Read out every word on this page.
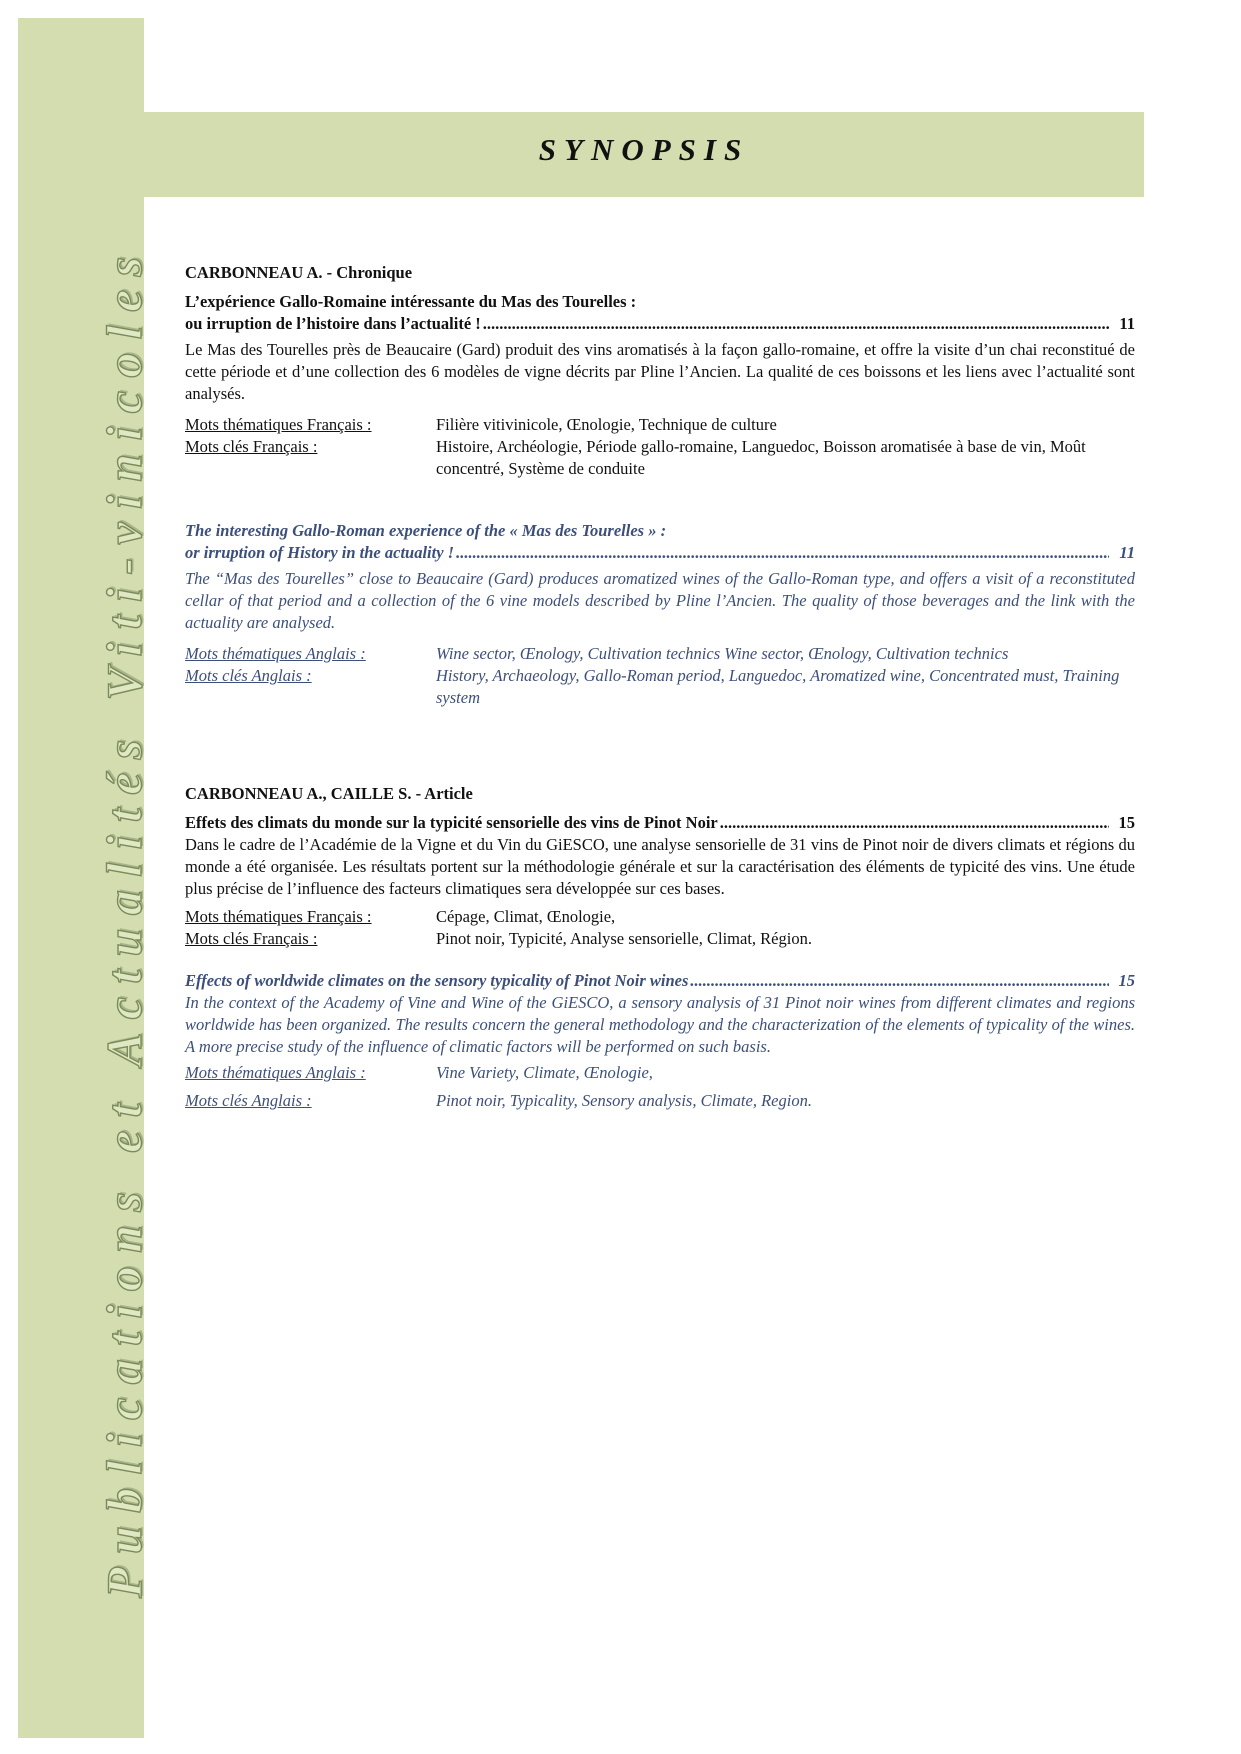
Publications et Actualités Viti-vinicoles
SYNOPSIS
CARBONNEAU A. - Chronique
L’expérience Gallo-Romaine intéressante du Mas des Tourelles :
ou irruption de l’histoire dans l’actualité ! .....	11
Le Mas des Tourelles près de Beaucaire (Gard) produit des vins aromatisés à la façon gallo-romaine, et offre la visite d’un chai reconstitué de cette période et d’une collection des 6 modèles de vigne décrits par Pline l’Ancien. La qualité de ces boissons et les liens avec l’actualité sont analysés.
Mots thématiques Français :	Filière vitivinicole, Œnologie, Technique de culture
Mots clés Français :	Histoire, Archéologie, Période gallo-romaine, Languedoc, Boisson aromatisée à base de vin, Moût concentré, Système de conduite
The interesting Gallo-Roman experience of the « Mas des Tourelles » :
or irruption of History in the actuality ! .....	11
The “Mas des Tourelles” close to Beaucaire (Gard) produces aromatized wines of the Gallo-Roman type, and offers a visit of a reconstituted cellar of that period and a collection of the 6 vine models described by Pline l’Ancien. The quality of those beverages and the link with the actuality are analysed.
Mots thématiques Anglais :	Wine sector, Œnology, Cultivation technics Wine sector, Œnology, Cultivation technics
Mots clés Anglais :	History, Archaeology, Gallo-Roman period, Languedoc, Aromatized wine, Concentrated must, Training system
CARBONNEAU A., CAILLE S. - Article
Effets des climats du monde sur la typicité sensorielle des vins de Pinot Noir .....	15
Dans le cadre de l’Académie de la Vigne et du Vin du GiESCO, une analyse sensorielle de 31 vins de Pinot noir de divers climats et régions du monde a été organisée. Les résultats portent sur la méthodologie générale et sur la caractérisation des éléments de typicité des vins. Une étude plus précise de l’influence des facteurs climatiques sera développée sur ces bases.
Mots thématiques Français :	Cépage, Climat, Œnologie,
Mots clés Français :	Pinot noir, Typicité, Analyse sensorielle, Climat, Région.
Effects of worldwide climates on the sensory typicality of Pinot Noir wines .....	15
In the context of the Academy of Vine and Wine of the GiESCO, a sensory analysis of 31 Pinot noir wines from different climates and regions worldwide has been organized. The results concern the general methodology and the characterization of the elements of typicality of the wines. A more precise study of the influence of climatic factors will be performed on such basis.
Mots thématiques Anglais :	Vine Variety, Climate, Œnologie,
Mots clés Anglais :	Pinot noir, Typicality, Sensory analysis, Climate, Region.
